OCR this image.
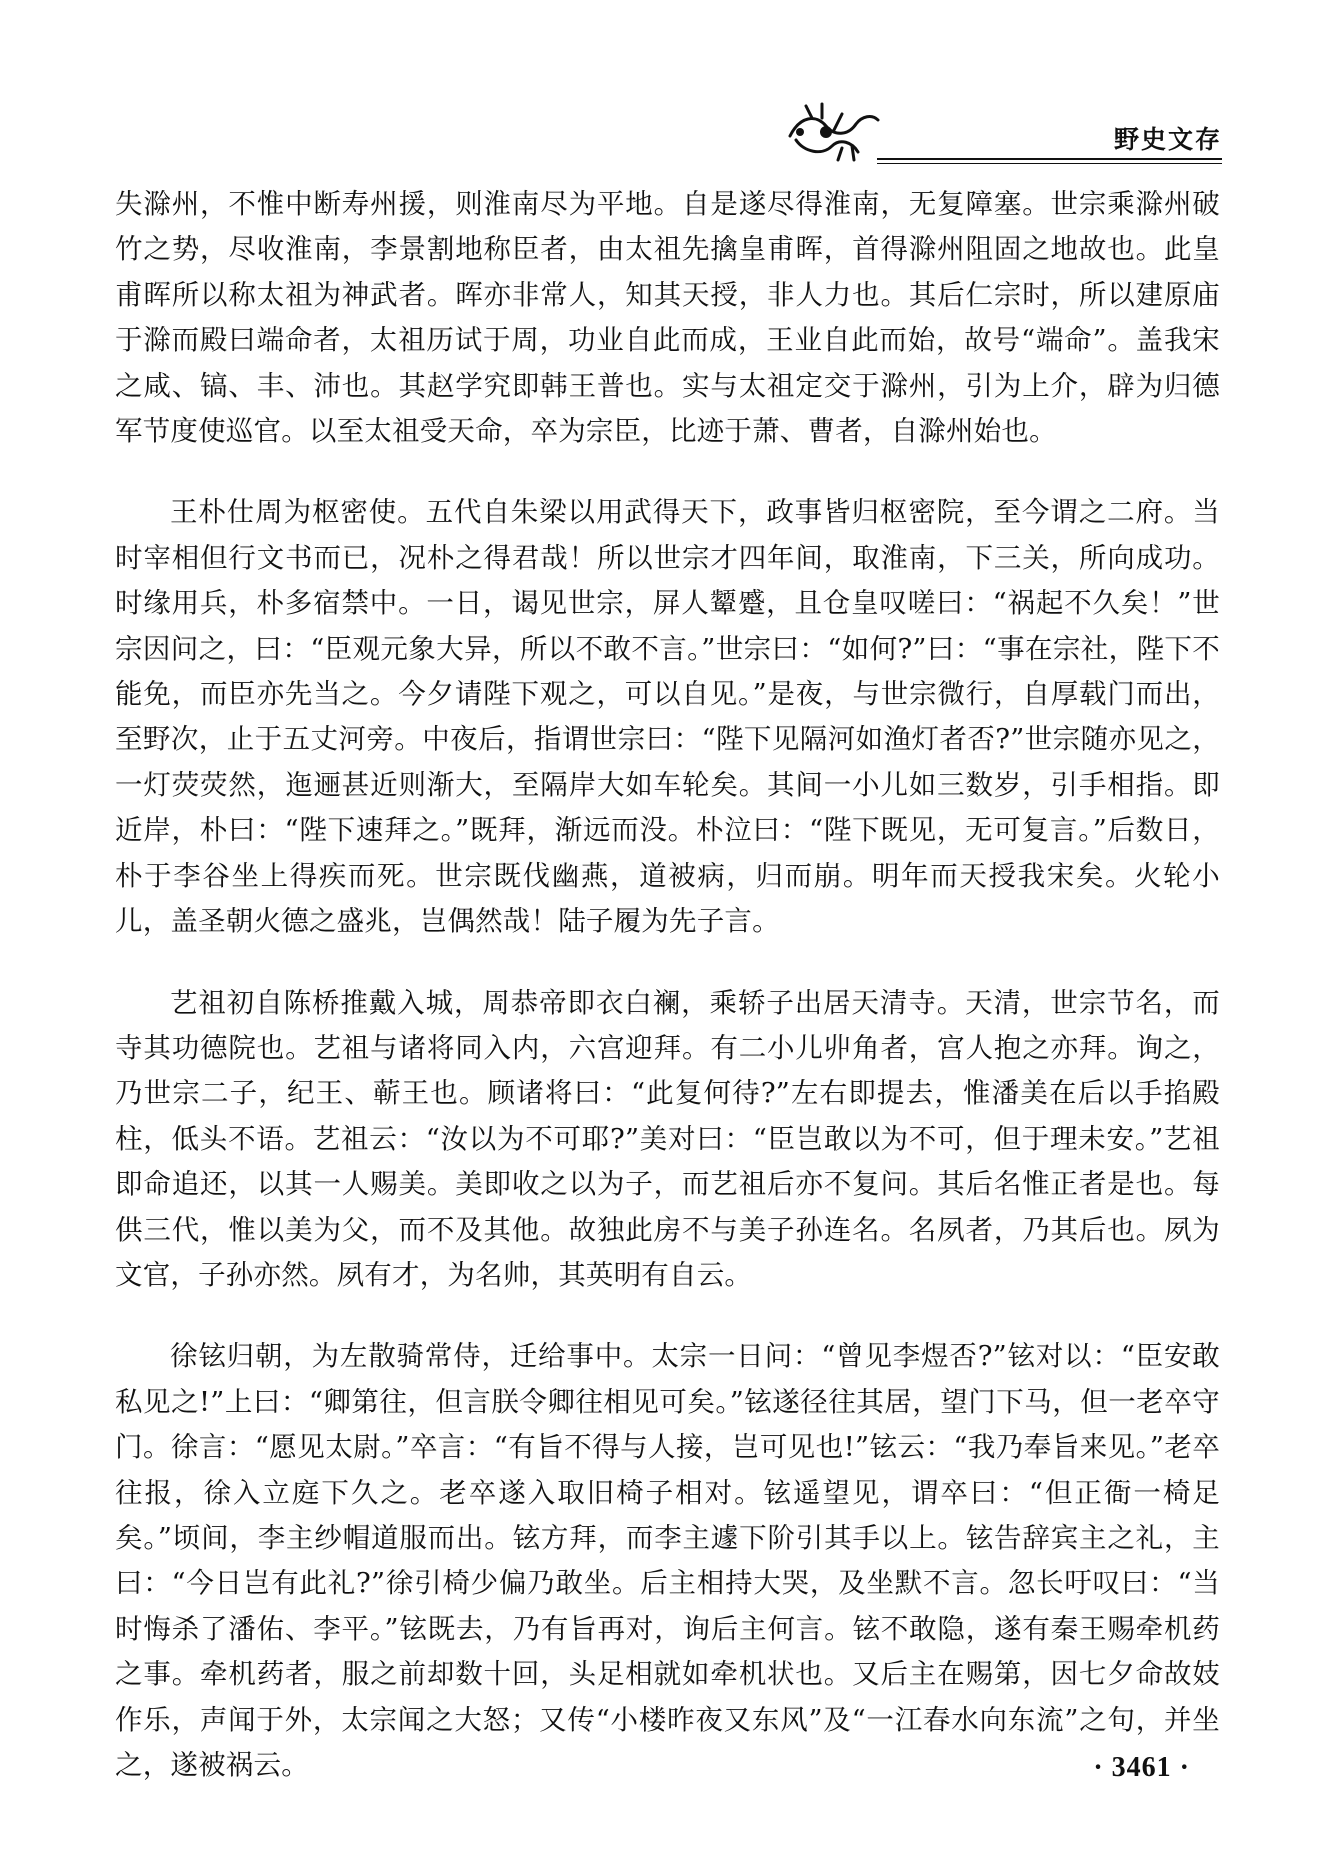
野史文存

失滁州，不惟中断寿州援，则淮南尽为平地。自是遂尽得淮南，无复障塞。世宗乘滁州破竹之势，尽收淮南，李景割地称臣者，由太祖先擒皇甫晖，首得滁州阻固之地故也。此皇甫晖所以称太祖为神武者。晖亦非常人，知其天授，非人力也。其后仁宗时，所以建原庙于滁而殿曰端命者，太祖历试于周，功业自此而成，王业自此而始，故号“端命”。盖我宋之咸、镐、丰、沛也。其赵学究即韩王普也。实与太祖定交于滁州，引为上介，辟为归德军节度使巡官。以至太祖受天命，卒为宗臣，比迹于萧、曹者，自滁州始也。

王朴仕周为枢密使。五代自朱梁以用武得天下，政事皆归枢密院，至今谓之二府。当时宰相但行文书而已，况朴之得君哉！所以世宗才四年间，取淮南，下三关，所向成功。时缘用兵，朴多宿禁中。一日，谒见世宗，屏人颦蹙，且仓皇叹嗟曰：“祸起不久矣！”世宗因问之，曰：“臣观元象大异，所以不敢不言。”世宗曰：“如何?”曰：“事在宗社，陛下不能免，而臣亦先当之。今夕请陛下观之，可以自见。”是夜，与世宗微行，自厚载门而出，至野次，止于五丈河旁。中夜后，指谓世宗曰：“陛下见隔河如渔灯者否?”世宗随亦见之，一灯荧荧然，迤逦甚近则渐大，至隔岸大如车轮矣。其间一小儿如三数岁，引手相指。即近岸，朴曰：“陛下速拜之。”既拜，渐远而没。朴泣曰：“陛下既见，无可复言。”后数日，朴于李谷坐上得疾而死。世宗既伐幽燕，道被病，归而崩。明年而天授我宋矣。火轮小儿，盖圣朝火德之盛兆，岂偶然哉！陆子履为先子言。

艺祖初自陈桥推戴入城，周恭帝即衣白襕，乘轿子出居天清寺。天清，世宗节名，而寺其功德院也。艺祖与诸将同入内，六宫迎拜。有二小儿丱角者，宫人抱之亦拜。询之，乃世宗二子，纪王、蕲王也。顾诸将曰：“此复何待?”左右即提去，惟潘美在后以手掐殿柱，低头不语。艺祖云：“汝以为不可耶?”美对曰：“臣岂敢以为不可，但于理未安。”艺祖即命追还，以其一人赐美。美即收之以为子，而艺祖后亦不复问。其后名惟正者是也。每供三代，惟以美为父，而不及其他。故独此房不与美子孙连名。名夙者，乃其后也。夙为文官，子孙亦然。夙有才，为名帅，其英明有自云。

徐铉归朝，为左散骑常侍，迁给事中。太宗一日问：“曾见李煜否?”铉对以：“臣安敢私见之!”上曰：“卿第往，但言朕令卿往相见可矣。”铉遂径往其居，望门下马，但一老卒守门。徐言：“愿见太尉。”卒言：“有旨不得与人接，岂可见也!”铉云：“我乃奉旨来见。”老卒往报，徐入立庭下久之。老卒遂入取旧椅子相对。铉遥望见，谓卒曰：“但正衙一椅足矣。”顷间，李主纱帽道服而出。铉方拜，而李主遽下阶引其手以上。铉告辞宾主之礼，主曰：“今日岂有此礼?”徐引椅少偏乃敢坐。后主相持大哭，及坐默不言。忽长吁叹曰：“当时悔杀了潘佑、李平。”铉既去，乃有旨再对，询后主何言。铉不敢隐，遂有秦王赐牵机药之事。牵机药者，服之前却数十回，头足相就如牵机状也。又后主在赐第，因七夕命故妓作乐，声闻于外，太宗闻之大怒；又传“小楼昨夜又东风”及“一江春水向东流”之句，并坐之，遂被祸云。	· 3461 ·
